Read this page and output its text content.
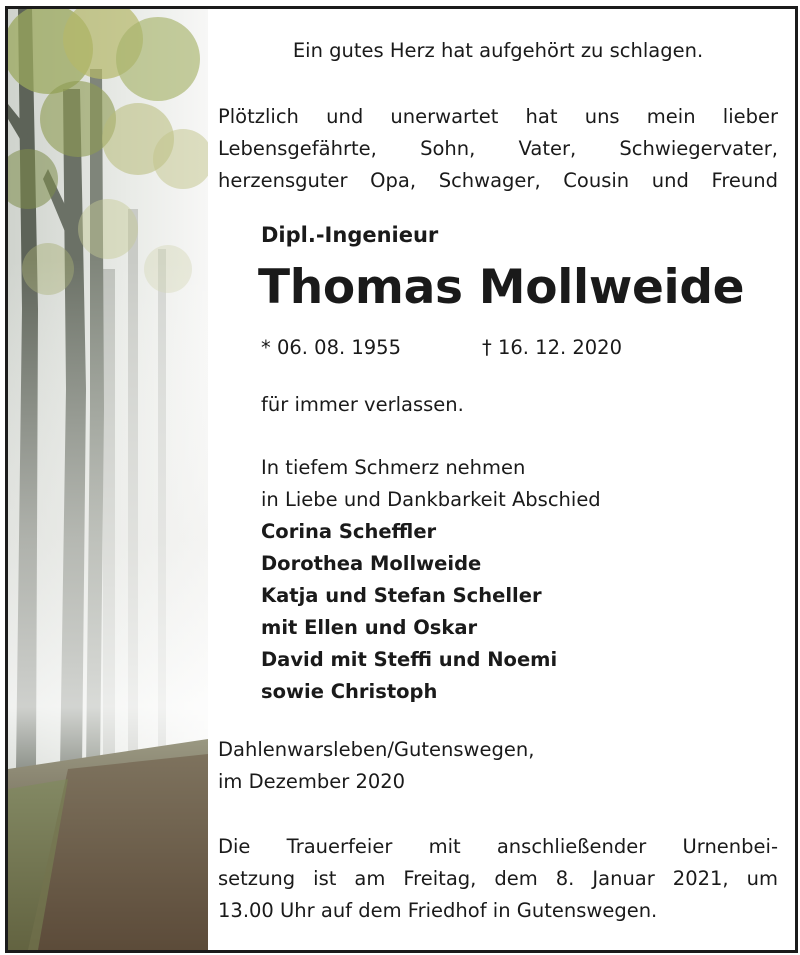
Ein gutes Herz hat aufgehört zu schlagen.
Plötzlich und unerwartet hat uns mein lieber
Lebensgefährte, Sohn, Vater, Schwiegervater,
herzensguter Opa, Schwager, Cousin und Freund
Dipl.-Ingenieur
Thomas Mollweide
* 06. 08. 1955	† 16. 12. 2020
für immer verlassen.
In tiefem Schmerz nehmen
in Liebe und Dankbarkeit Abschied
Corina Scheffler
Dorothea Mollweide
Katja und Stefan Scheller
mit Ellen und Oskar
David mit Steffi und Noemi
sowie Christoph
Dahlenwarsleben/Gutenswegen,
im Dezember 2020
Die Trauerfeier mit anschließender Urnenbei-
setzung ist am Freitag, dem 8. Januar 2021, um
13.00 Uhr auf dem Friedhof in Gutenswegen.
